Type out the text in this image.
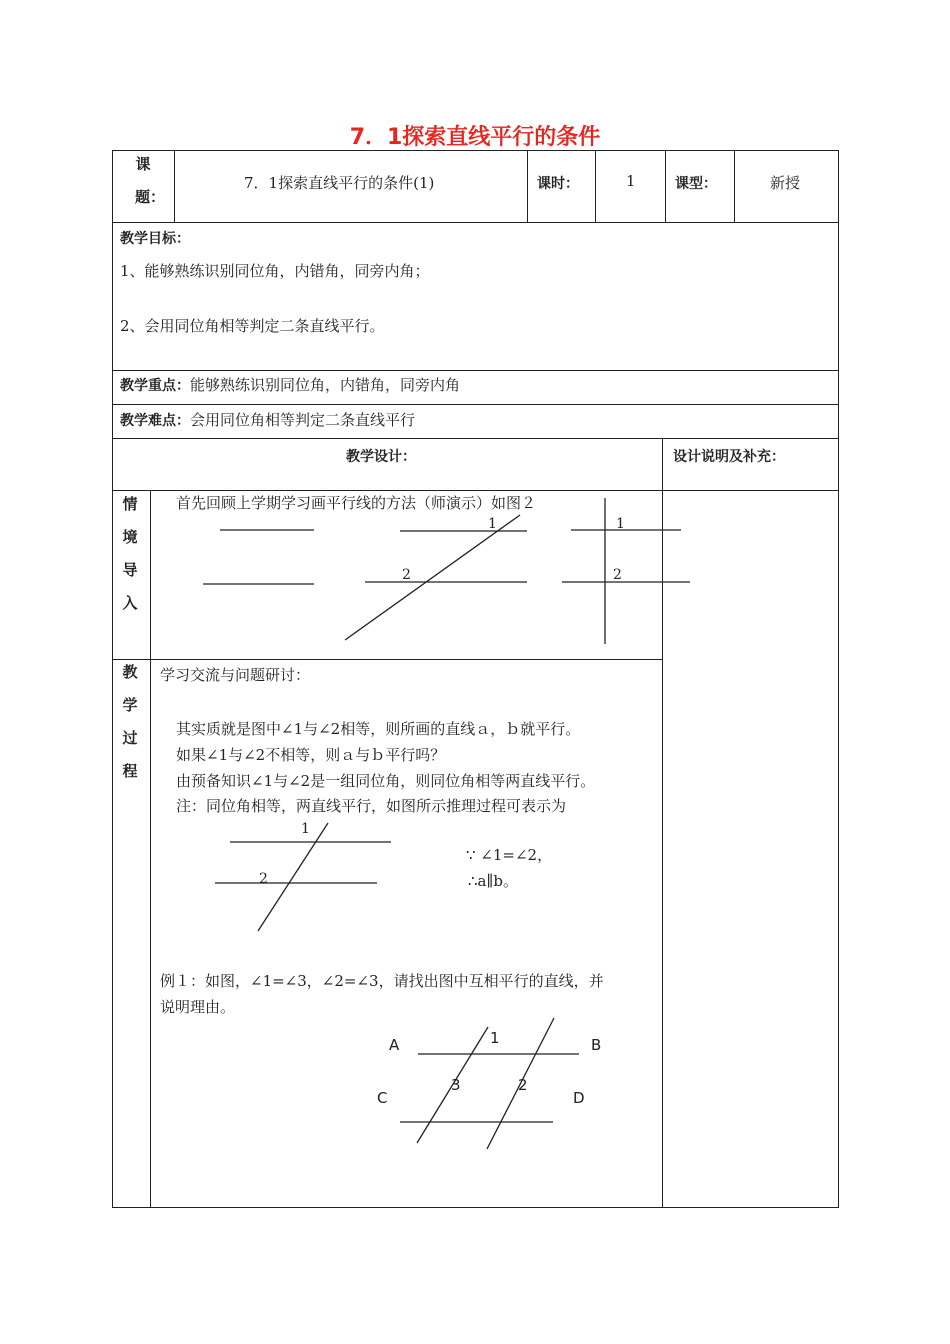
7．1探索直线平行的条件
课
题：
7．1探索直线平行的条件(1)	课时：	1	课型：	新授
教学目标：
1、能够熟练识别同位角，内错角，同旁内角；
2、会用同位角相等判定二条直线平行。
教学重点：能够熟练识别同位角，内错角，同旁内角
教学难点：会用同位角相等判定二条直线平行
教学设计：	设计说明及补充：
情
境
导
入
首先回顾上学期学习画平行线的方法（师演示）如图２
1
2
1
2
教
学
过
程
学习交流与问题研讨：
其实质就是图中∠1与∠2相等，则所画的直线ａ，ｂ就平行。
如果∠1与∠2不相等，则ａ与ｂ平行吗？
由预备知识∠1与∠2是一组同位角，则同位角相等两直线平行。
注：同位角相等，两直线平行，如图所示推理过程可表示为
1
2
∵ ∠1=∠2，
∴a∥b。
例１：如图，∠1=∠3，∠2=∠3，请找出图中互相平行的直线，并
说明理由。
A	B
C	D
1
2
3
